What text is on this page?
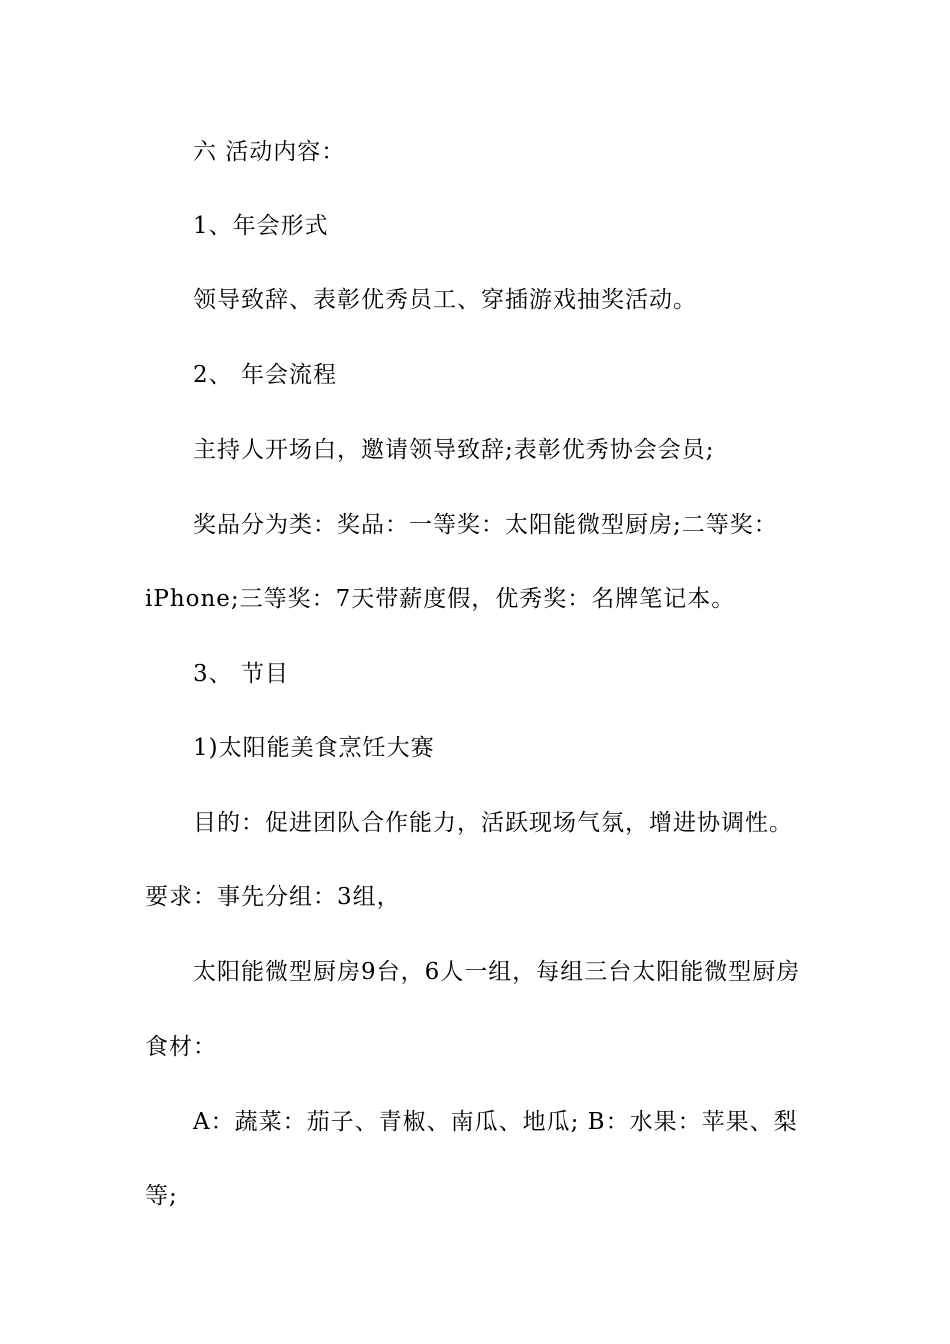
六 活动内容：
1、年会形式
领导致辞、表彰优秀员工、穿插游戏抽奖活动。
2、 年会流程
主持人开场白，邀请领导致辞;表彰优秀协会会员;
奖品分为类：奖品：一等奖：太阳能微型厨房;二等奖：
iPhone;三等奖：7天带薪度假，优秀奖：名牌笔记本。
3、 节目
1)太阳能美食烹饪大赛
目的：促进团队合作能力，活跃现场气氛，增进协调性。
要求：事先分组：3组，
太阳能微型厨房9台，6人一组，每组三台太阳能微型厨房
食材：
A：蔬菜：茄子、青椒、南瓜、地瓜; B：水果：苹果、梨
等;
